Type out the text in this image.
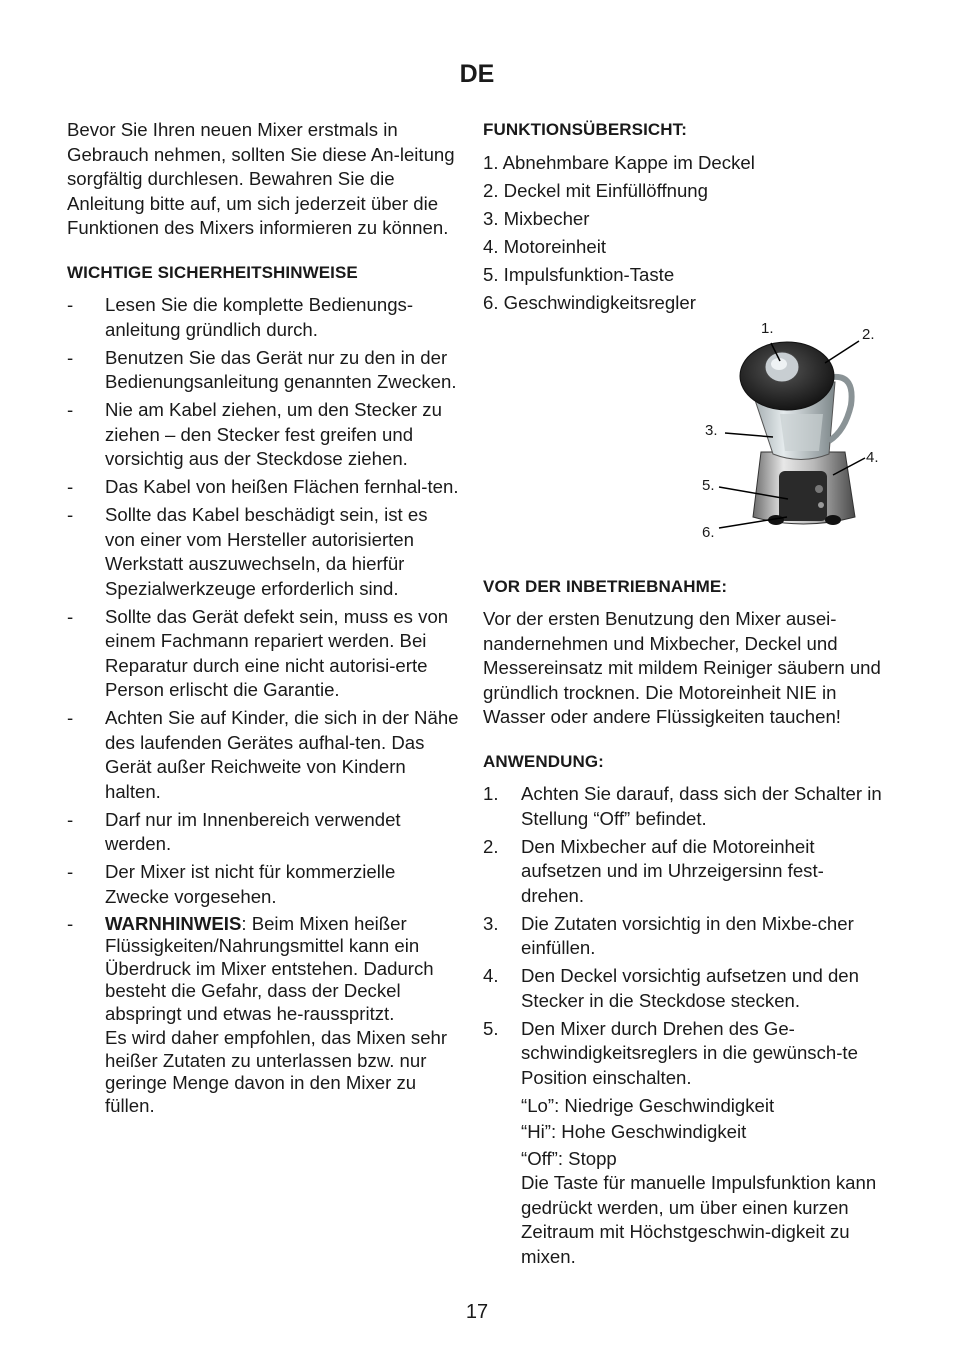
DE

Bevor Sie Ihren neuen Mixer erstmals in Gebrauch nehmen, sollten Sie diese An-leitung sorgfältig durchlesen. Bewahren Sie die Anleitung bitte auf, um sich jederzeit über die Funktionen des Mixers informieren zu können.

WICHTIGE SICHERHEITSHINWEISE

- Lesen Sie die komplette Bedienungs-anleitung gründlich durch.
- Benutzen Sie das Gerät nur zu den in der Bedienungsanleitung genannten Zwecken.
- Nie am Kabel ziehen, um den Stecker zu ziehen – den Stecker fest greifen und vorsichtig aus der Steckdose ziehen.
- Das Kabel von heißen Flächen fernhal-ten.
- Sollte das Kabel beschädigt sein, ist es von einer vom Hersteller autorisierten Werkstatt auszuwechseln, da hierfür Spezialwerkzeuge erforderlich sind.
- Sollte das Gerät defekt sein, muss es von einem Fachmann repariert werden. Bei Reparatur durch eine nicht autorisi-erte Person erlischt die Garantie.
- Achten Sie auf Kinder, die sich in der Nähe des laufenden Gerätes aufhal-ten. Das Gerät außer Reichweite von Kindern halten.
- Darf nur im Innenbereich verwendet werden.
- Der Mixer ist nicht für kommerzielle Zwecke vorgesehen.
- WARNHINWEIS: Beim Mixen heißer Flüssigkeiten/Nahrungsmittel kann ein Überdruck im Mixer entstehen. Dadurch besteht die Gefahr, dass der Deckel abspringt und etwas he-rausspritzt.

Es wird daher empfohlen, das Mixen sehr heißer Zutaten zu unterlassen bzw. nur geringe Menge davon in den Mixer zu füllen.

FUNKTIONSÜBERSICHT:

1. Abnehmbare Kappe im Deckel

2. Deckel mit Einfüllöffnung

3. Mixbecher

4. Motoreinheit

5. Impulsfunktion-Taste

6. Geschwindigkeitsregler

1.	2.
3.
4.
5.
6.

VOR DER INBETRIEBNAHME:

Vor der ersten Benutzung den Mixer ausei-nandernehmen und Mixbecher, Deckel und Messereinsatz mit mildem Reiniger säubern und gründlich trocknen. Die Motoreinheit NIE in Wasser oder andere Flüssigkeiten tauchen!

ANWENDUNG:

1. Achten Sie darauf, dass sich der Schalter in Stellung “Off” befindet.
2. Den Mixbecher auf die Motoreinheit aufsetzen und im Uhrzeigersinn fest-drehen.
3. Die Zutaten vorsichtig in den Mixbe-cher einfüllen.
4. Den Deckel vorsichtig aufsetzen und den Stecker in die Steckdose stecken.
5. Den Mixer durch Drehen des Ge-schwindigkeitsreglers in die gewünsch-te Position einschalten.

“Lo”: Niedrige Geschwindigkeit

“Hi”: Hohe Geschwindigkeit

“Off”: Stopp

Die Taste für manuelle Impulsfunktion kann gedrückt werden, um über einen kurzen Zeitraum mit Höchstgeschwin-digkeit zu mixen.

17
